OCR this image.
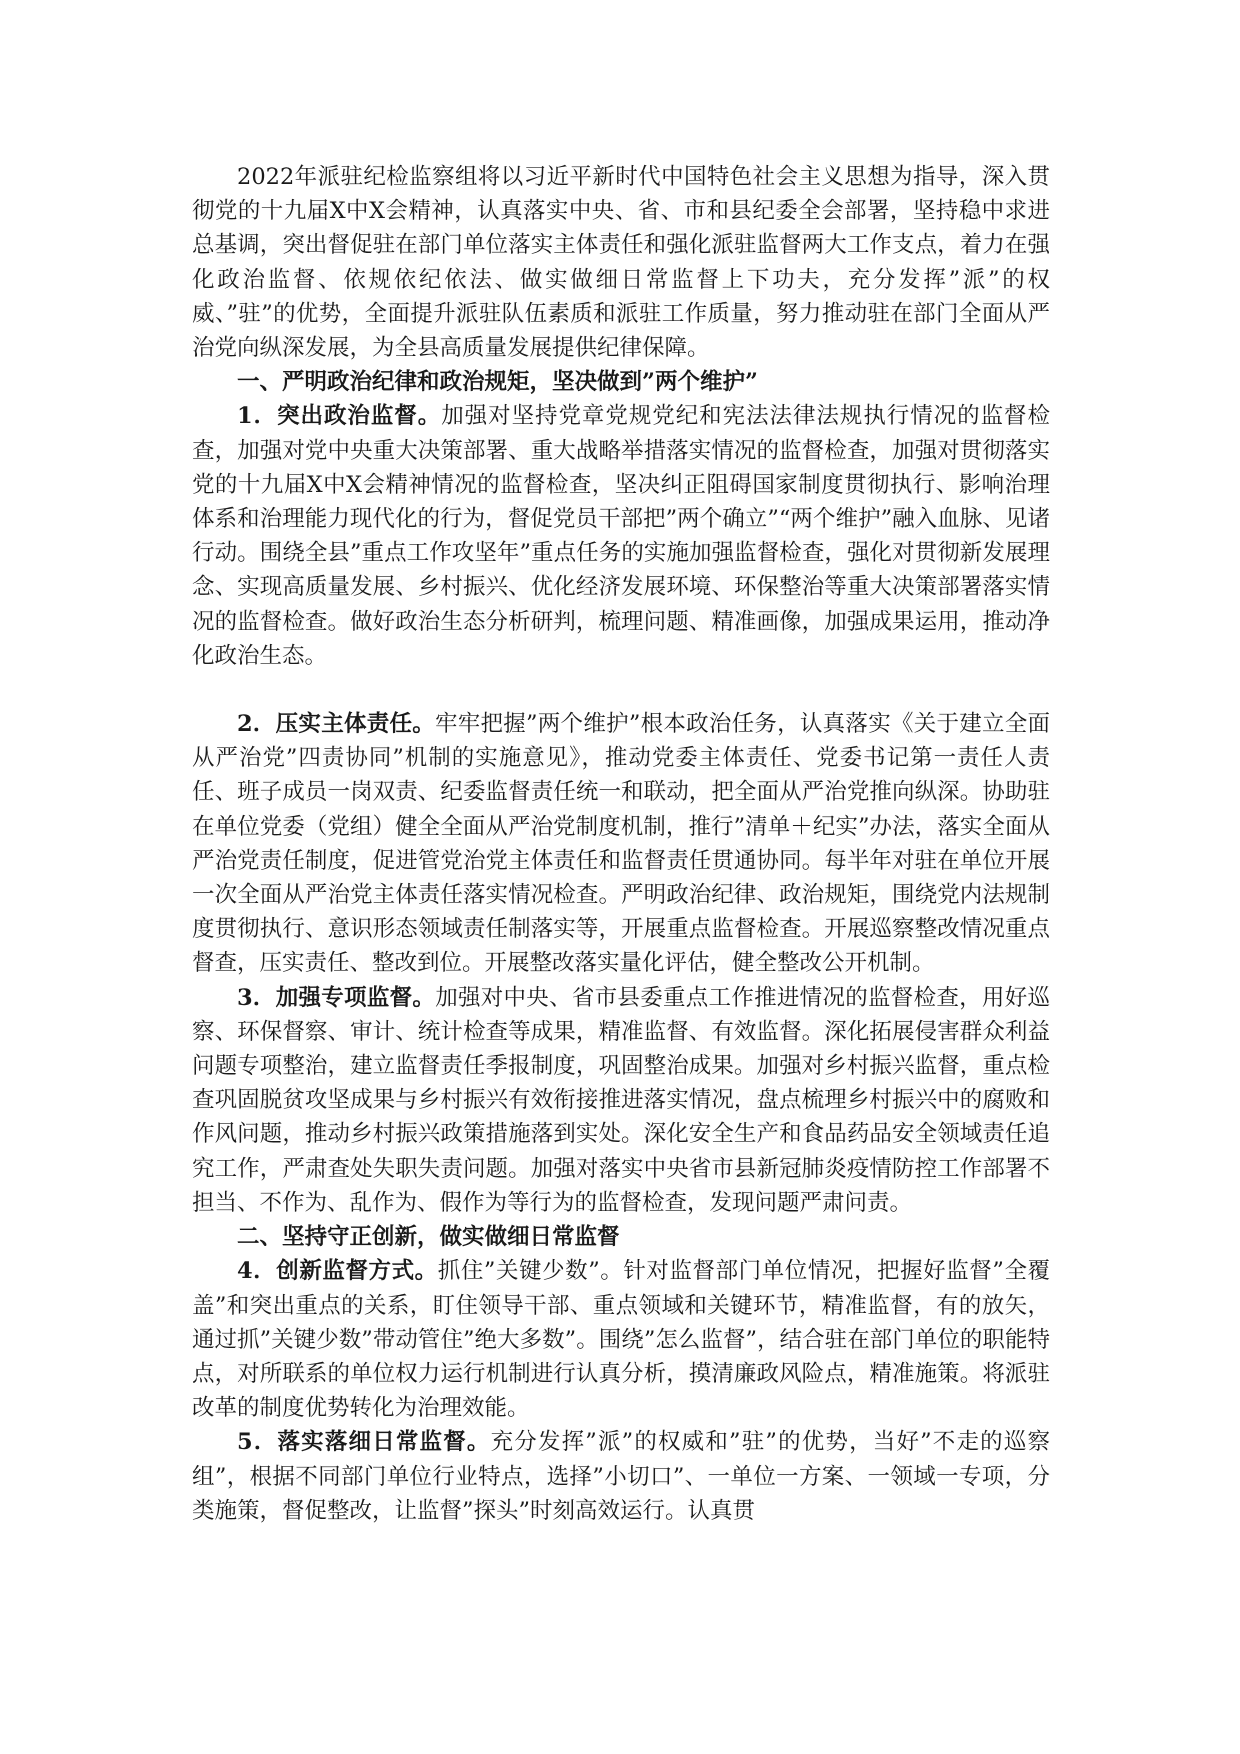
2022年派驻纪检监察组将以习近平新时代中国特色社会主义思想为指导，深入贯彻党的十九届X中X会精神，认真落实中央、省、市和县纪委全会部署，坚持稳中求进总基调，突出督促驻在部门单位落实主体责任和强化派驻监督两大工作支点，着力在强化政治监督、依规依纪依法、做实做细日常监督上下功夫，充分发挥”派”的权威、”驻”的优势，全面提升派驻队伍素质和派驻工作质量，努力推动驻在部门全面从严治党向纵深发展，为全县高质量发展提供纪律保障。

一、严明政治纪律和政治规矩，坚决做到”两个维护”

1．突出政治监督。加强对坚持党章党规党纪和宪法法律法规执行情况的监督检查，加强对党中央重大决策部署、重大战略举措落实情况的监督检查，加强对贯彻落实党的十九届X中X会精神情况的监督检查，坚决纠正阻碍国家制度贯彻执行、影响治理体系和治理能力现代化的行为，督促党员干部把”两个确立”“两个维护”融入血脉、见诸行动。围绕全县”重点工作攻坚年”重点任务的实施加强监督检查，强化对贯彻新发展理念、实现高质量发展、乡村振兴、优化经济发展环境、环保整治等重大决策部署落实情况的监督检查。做好政治生态分析研判，梳理问题、精准画像，加强成果运用，推动净化政治生态。

2．压实主体责任。牢牢把握”两个维护”根本政治任务，认真落实《关于建立全面从严治党”四责协同”机制的实施意见》，推动党委主体责任、党委书记第一责任人责任、班子成员一岗双责、纪委监督责任统一和联动，把全面从严治党推向纵深。协助驻在单位党委（党组）健全全面从严治党制度机制，推行”清单＋纪实”办法，落实全面从严治党责任制度，促进管党治党主体责任和监督责任贯通协同。每半年对驻在单位开展一次全面从严治党主体责任落实情况检查。严明政治纪律、政治规矩，围绕党内法规制度贯彻执行、意识形态领域责任制落实等，开展重点监督检查。开展巡察整改情况重点督查，压实责任、整改到位。开展整改落实量化评估，健全整改公开机制。

3．加强专项监督。加强对中央、省市县委重点工作推进情况的监督检查，用好巡察、环保督察、审计、统计检查等成果，精准监督、有效监督。深化拓展侵害群众利益问题专项整治，建立监督责任季报制度，巩固整治成果。加强对乡村振兴监督，重点检查巩固脱贫攻坚成果与乡村振兴有效衔接推进落实情况，盘点梳理乡村振兴中的腐败和作风问题，推动乡村振兴政策措施落到实处。深化安全生产和食品药品安全领域责任追究工作，严肃查处失职失责问题。加强对落实中央省市县新冠肺炎疫情防控工作部署不担当、不作为、乱作为、假作为等行为的监督检查，发现问题严肃问责。

二、坚持守正创新，做实做细日常监督

4．创新监督方式。抓住”关键少数”。针对监督部门单位情况，把握好监督”全覆盖”和突出重点的关系，盯住领导干部、重点领域和关键环节，精准监督，有的放矢，通过抓”关键少数”带动管住”绝大多数”。围绕”怎么监督”，结合驻在部门单位的职能特点，对所联系的单位权力运行机制进行认真分析，摸清廉政风险点，精准施策。将派驻改革的制度优势转化为治理效能。

5．落实落细日常监督。充分发挥”派”的权威和”驻”的优势，当好”不走的巡察组”，根据不同部门单位行业特点，选择”小切口”、一单位一方案、一领域一专项，分类施策，督促整改，让监督”探头”时刻高效运行。认真贯
